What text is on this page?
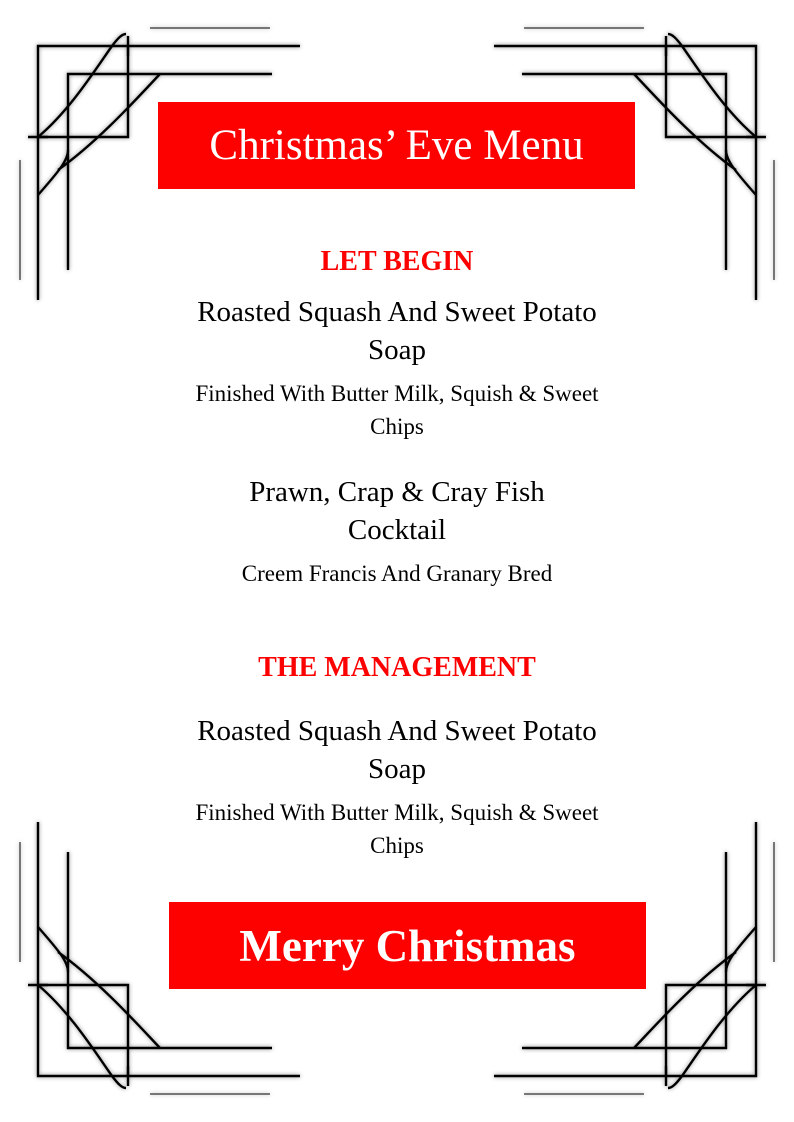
Christmas’ Eve Menu
LET BEGIN
Roasted Squash And Sweet Potato Soap
Finished With Butter Milk, Squish & Sweet Chips
Prawn, Crap & Cray Fish Cocktail
Creem Francis And Granary Bred
THE MANAGEMENT
Roasted Squash And Sweet Potato Soap
Finished With Butter Milk, Squish & Sweet Chips
Merry Christmas
